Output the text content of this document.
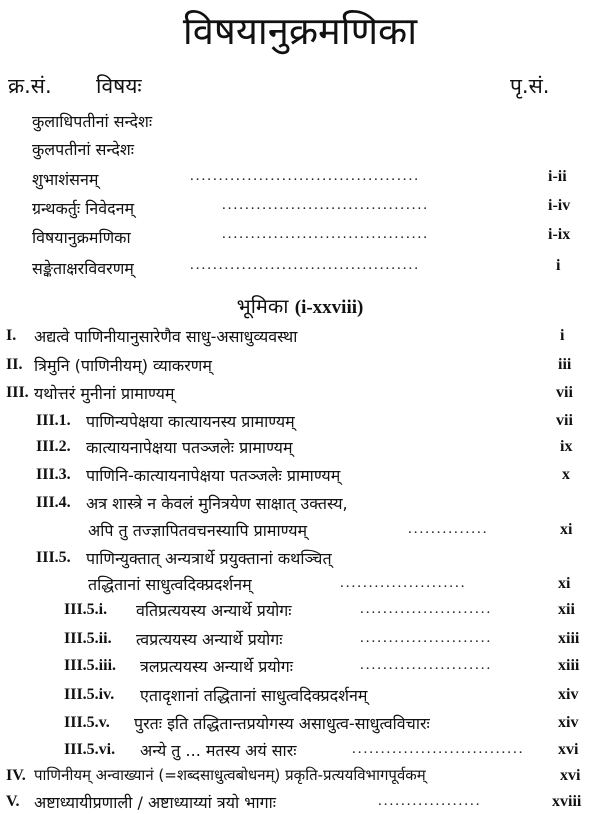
विषयानुक्रमणिका
क्र.सं. विषयः	पृ.सं.
कुलाधिपतीनां सन्देशः
कुलपतीनां सन्देशः
शुभाशंसनम्	........................................	i-ii
ग्रन्थकर्तुः निवेदनम्	....................................	i-iv
विषयानुक्रमणिका	....................................	i-ix
सङ्केताक्षरविवरणम्	........................................	i
भूमिका (i-xxviii)
I. अद्यत्वे पाणिनीयानुसारेणैव साधु-असाधुव्यवस्था	i
II. त्रिमुनि (पाणिनीयम्) व्याकरणम्	iii
III. यथोत्तरं मुनीनां प्रामाण्यम्	vii
III.1. पाणिन्यपेक्षया कात्यायनस्य प्रामाण्यम्	vii
III.2. कात्यायनापेक्षया पतञ्जलेः प्रामाण्यम्	ix
III.3. पाणिनि-कात्यायनापेक्षया पतञ्जलेः प्रामाण्यम्	x
III.4. अत्र शास्त्रे न केवलं मुनित्रयेण साक्षात् उक्तस्य,
अपि तु तज्ज्ञापितवचनस्यापि प्रामाण्यम्	..............	xi
III.5. पाणिन्युक्तात् अन्यत्रार्थे प्रयुक्तानां कथञ्चित्
तद्धितानां साधुत्वदिक्प्रदर्शनम्	......................	xi
III.5.i. वतिप्रत्ययस्य अन्यार्थे प्रयोगः	.......................	xii
III.5.ii. त्वप्रत्ययस्य अन्यार्थे प्रयोगः	.......................	xiii
III.5.iii. त्रलप्रत्ययस्य अन्यार्थे प्रयोगः	.......................	xiii
III.5.iv. एतादृशानां तद्धितानां साधुत्वदिक्प्रदर्शनम्	xiv
III.5.v. पुरतः इति तद्धितान्तप्रयोगस्य असाधुत्व-साधुत्वविचारः	xiv
III.5.vi. अन्ये तु ... मतस्य अयं सारः	.............................. xvi
IV. पाणिनीयम् अन्वाख्यानं (=शब्दसाधुत्वबोधनम्) प्रकृति-प्रत्ययविभागपूर्वकम्	xvi
V. अष्टाध्यायीप्रणाली / अष्टाध्याय्यां त्रयो भागाः	..................	xviii
